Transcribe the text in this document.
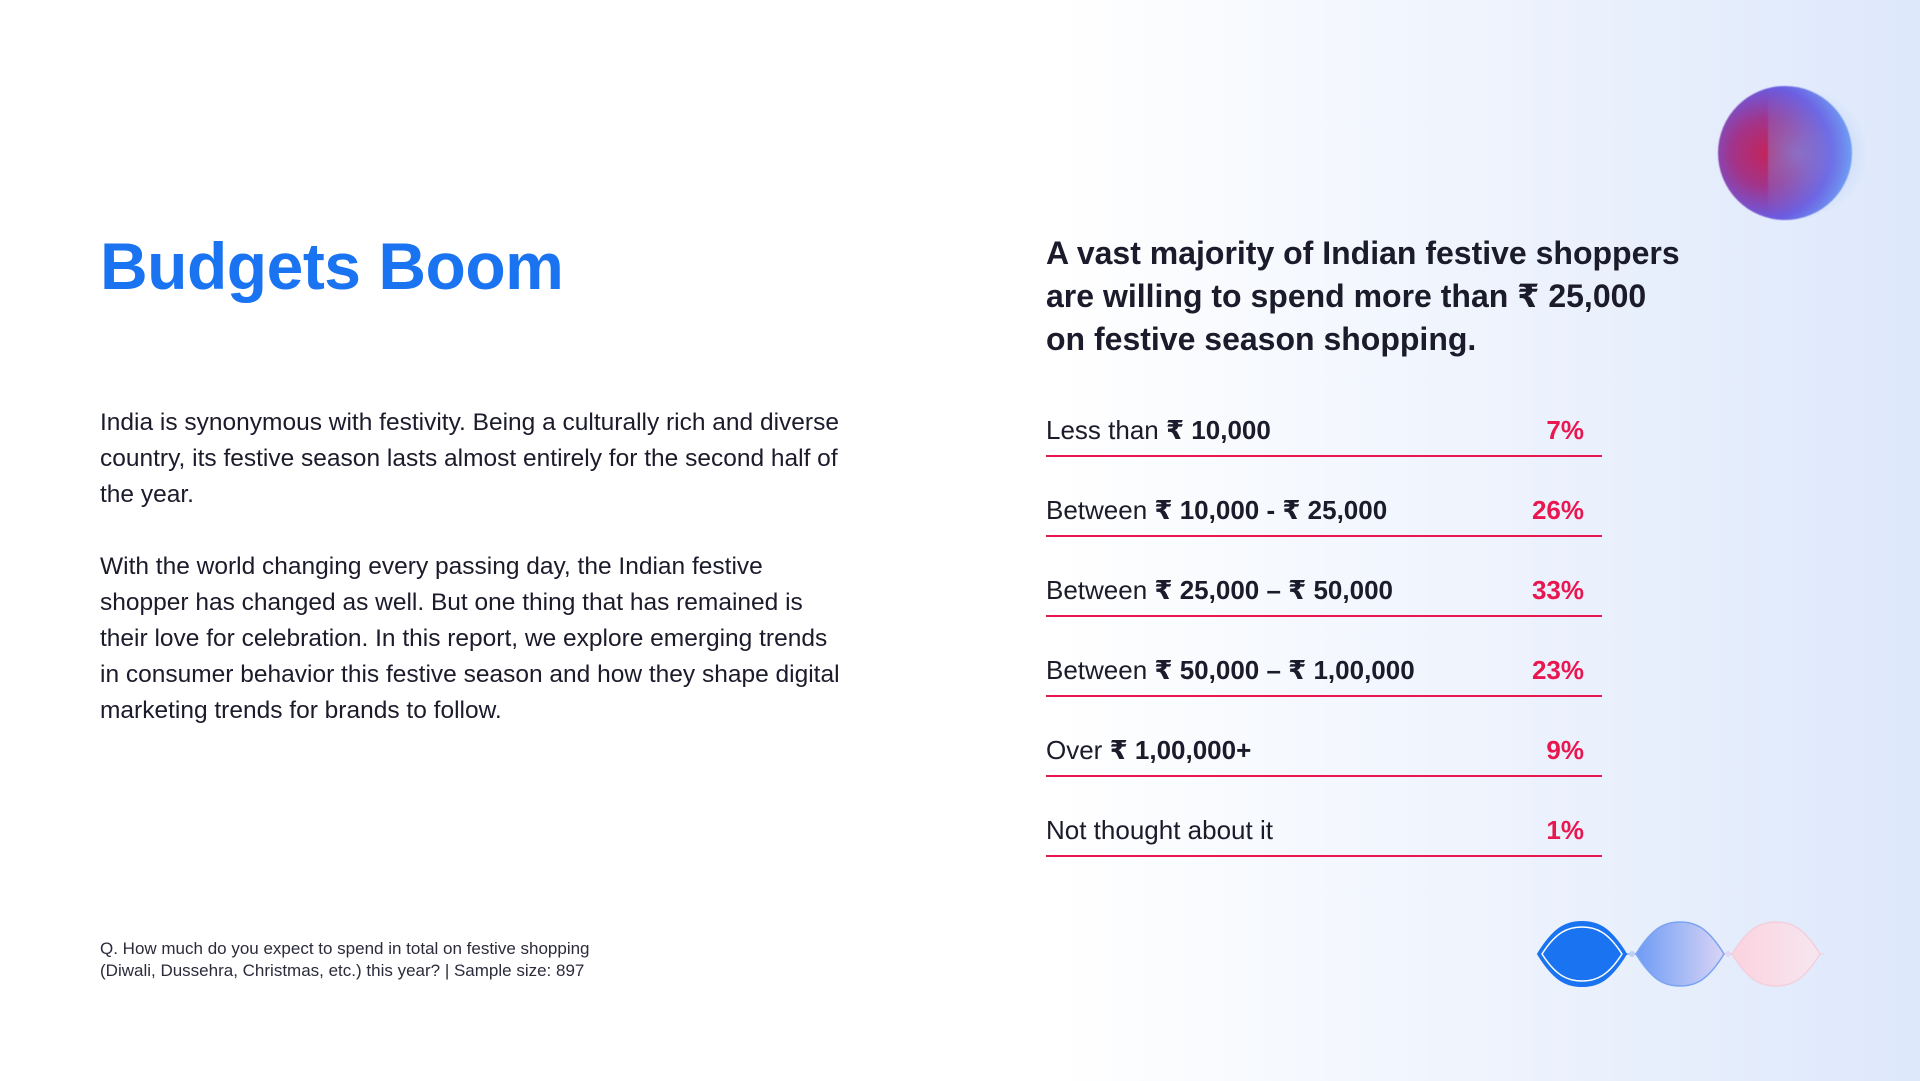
Budgets Boom

India is synonymous with festivity. Being a culturally rich and diverse country, its festive season lasts almost entirely for the second half of the year.

With the world changing every passing day, the Indian festive shopper has changed as well. But one thing that has remained is their love for celebration. In this report, we explore emerging trends in consumer behavior this festive season and how they shape digital marketing trends for brands to follow.

Q. How much do you expect to spend in total on festive shopping
(Diwali, Dussehra, Christmas, etc.) this year? | Sample size: 897
A vast majority of Indian festive shoppers
are willing to spend more than ₹ 25,000
on festive season shopping.
Less than ₹ 10,000	7%
Between ₹ 10,000 - ₹ 25,000	26%
Between ₹ 25,000 – ₹ 50,000	33%
Between ₹ 50,000 – ₹ 1,00,000	23%
Over ₹ 1,00,000+	9%
Not thought about it	1%
